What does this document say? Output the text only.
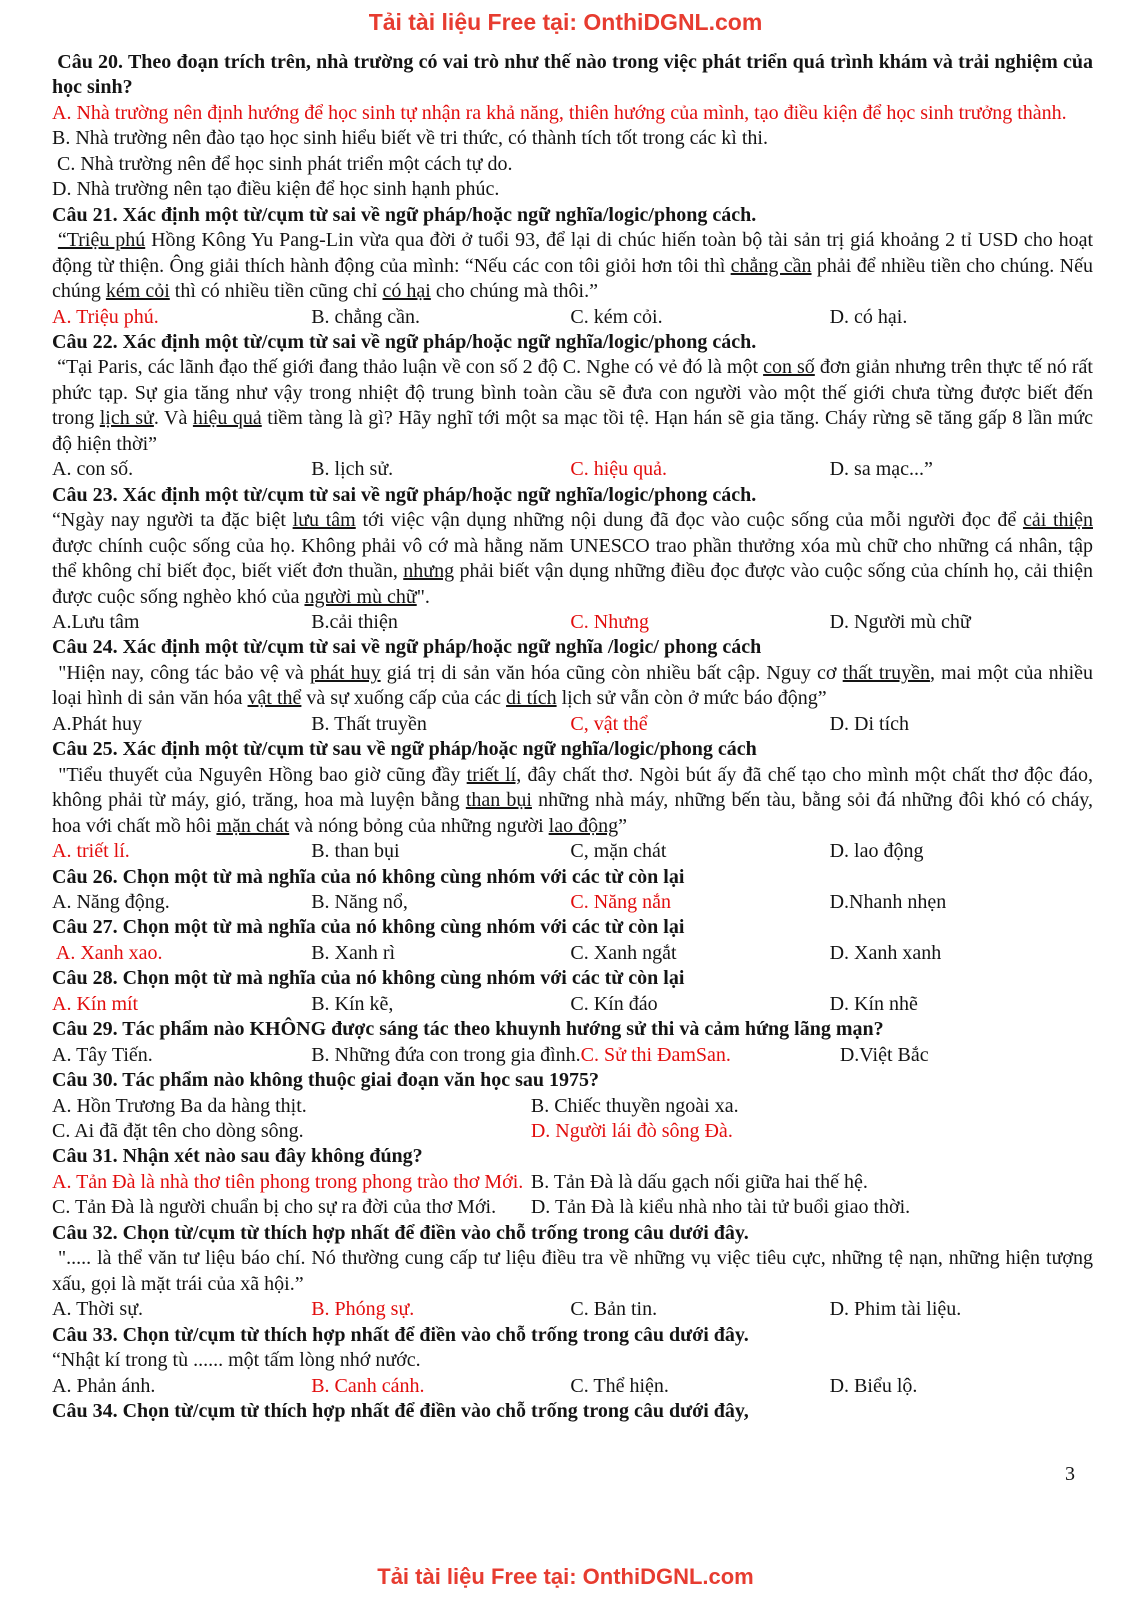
Tải tài liệu Free tại: OnthiDGNL.com

Câu 20. Theo đoạn trích trên, nhà trường có vai trò như thế nào trong việc phát triển quá trình khám và trải nghiệm của học sinh?

A. Nhà trường nên định hướng để học sinh tự nhận ra khả năng, thiên hướng của mình, tạo điều kiện để học sinh trưởng thành.

B. Nhà trường nên đào tạo học sinh hiểu biết về tri thức, có thành tích tốt trong các kì thi.

C. Nhà trường nên để học sinh phát triển một cách tự do.

D. Nhà trường nên tạo điều kiện để học sinh hạnh phúc.

Câu 21. Xác định một từ/cụm từ sai về ngữ pháp/hoặc ngữ nghĩa/logic/phong cách.

“Triệu phú Hồng Kông Yu Pang-Lin vừa qua đời ở tuổi 93, để lại di chúc hiến toàn bộ tài sản trị giá khoảng 2 tỉ USD cho hoạt động từ thiện. Ông giải thích hành động của mình: “Nếu các con tôi giỏi hơn tôi thì chẳng cần phải để nhiều tiền cho chúng. Nếu chúng kém cỏi thì có nhiều tiền cũng chỉ có hại cho chúng mà thôi.”

A. Triệu phú.	B. chẳng cần.	C. kém cỏi.	D. có hại.

Câu 22. Xác định một từ/cụm từ sai về ngữ pháp/hoặc ngữ nghĩa/logic/phong cách.

“Tại Paris, các lãnh đạo thế giới đang thảo luận về con số 2 độ C. Nghe có vẻ đó là một con số đơn giản nhưng trên thực tế nó rất phức tạp. Sự gia tăng như vậy trong nhiệt độ trung bình toàn cầu sẽ đưa con người vào một thế giới chưa từng được biết đến trong lịch sử. Và hiệu quả tiềm tàng là gì? Hãy nghĩ tới một sa mạc tồi tệ. Hạn hán sẽ gia tăng. Cháy rừng sẽ tăng gấp 8 lần mức độ hiện thời”

A. con số.	B. lịch sử.	C. hiệu quả.	D. sa mạc...”

Câu 23. Xác định một từ/cụm từ sai về ngữ pháp/hoặc ngữ nghĩa/logic/phong cách.

“Ngày nay người ta đặc biệt lưu tâm tới việc vận dụng những nội dung đã đọc vào cuộc sống của mỗi người đọc để cải thiện được chính cuộc sống của họ. Không phải vô cớ mà hằng năm UNESCO trao phần thưởng xóa mù chữ cho những cá nhân, tập thể không chỉ biết đọc, biết viết đơn thuần, nhưng phải biết vận dụng những điều đọc được vào cuộc sống của chính họ, cải thiện được cuộc sống nghèo khó của người mù chữ".

A.Lưu tâm	B.cải thiện	C. Nhưng	D. Người mù chữ

Câu 24. Xác định một từ/cụm từ sai về ngữ pháp/hoặc ngữ nghĩa /logic/ phong cách

"Hiện nay, công tác bảo vệ và phát huy giá trị di sản văn hóa cũng còn nhiều bất cập. Nguy cơ thất truyền, mai một của nhiều loại hình di sản văn hóa vật thể và sự xuống cấp của các di tích lịch sử vẫn còn ở mức báo động”

A.Phát huy	B. Thất truyền	C, vật thể	D. Di tích

Câu 25. Xác định một từ/cụm từ sau về ngữ pháp/hoặc ngữ nghĩa/logic/phong cách

"Tiểu thuyết của Nguyên Hồng bao giờ cũng đầy triết lí, đây chất thơ. Ngòi bút ấy đã chế tạo cho mình một chất thơ độc đáo, không phải từ máy, gió, trăng, hoa mà luyện bằng than bụi những nhà máy, những bến tàu, bằng sỏi đá những đôi khó có cháy, hoa với chất mồ hôi mặn chát và nóng bỏng của những người lao động”

A. triết lí.	B. than bụi	C, mặn chát	D. lao động

Câu 26. Chọn một từ mà nghĩa của nó không cùng nhóm với các từ còn lại

A. Năng động.	B. Năng nổ,	C. Năng nắn	D.Nhanh nhẹn

Câu 27. Chọn một từ mà nghĩa của nó không cùng nhóm với các từ còn lại

A. Xanh xao.	B. Xanh rì	C. Xanh ngắt	D. Xanh xanh

Câu 28. Chọn một từ mà nghĩa của nó không cùng nhóm với các từ còn lại

A. Kín mít	B. Kín kẽ,	C. Kín đáo	D. Kín nhẽ

Câu 29. Tác phẩm nào KHÔNG được sáng tác theo khuynh hướng sử thi và cảm hứng lãng mạn?

A. Tây Tiến.	B. Những đứa con trong gia đình. C. Sử thi ĐamSan.	D.Việt Bắc

Câu 30. Tác phẩm nào không thuộc giai đoạn văn học sau 1975?

A. Hồn Trương Ba da hàng thịt.	B. Chiếc thuyền ngoài xa.
C. Ai đã đặt tên cho dòng sông.	D. Người lái đò sông Đà.

Câu 31. Nhận xét nào sau đây không đúng?

A. Tản Đà là nhà thơ tiên phong trong phong trào thơ Mới. B. Tản Đà là dấu gạch nối giữa hai thế hệ.
C. Tản Đà là người chuẩn bị cho sự ra đời của thơ Mới.	D. Tản Đà là kiểu nhà nho tài tử buổi giao thời.

Câu 32. Chọn từ/cụm từ thích hợp nhất để điền vào chỗ trống trong câu dưới đây.

"..... là thể văn tư liệu báo chí. Nó thường cung cấp tư liệu điều tra về những vụ việc tiêu cực, những tệ nạn, những hiện tượng xấu, gọi là mặt trái của xã hội.”

A. Thời sự.	B. Phóng sự.	C. Bản tin.	D. Phim tài liệu.

Câu 33. Chọn từ/cụm từ thích hợp nhất để điền vào chỗ trống trong câu dưới đây.

“Nhật kí trong tù ...... một tấm lòng nhớ nước.

A. Phản ánh.	B. Canh cánh.	C. Thể hiện.	D. Biểu lộ.

Câu 34. Chọn từ/cụm từ thích hợp nhất để điền vào chỗ trống trong câu dưới đây,

3
Tải tài liệu Free tại: OnthiDGNL.com
